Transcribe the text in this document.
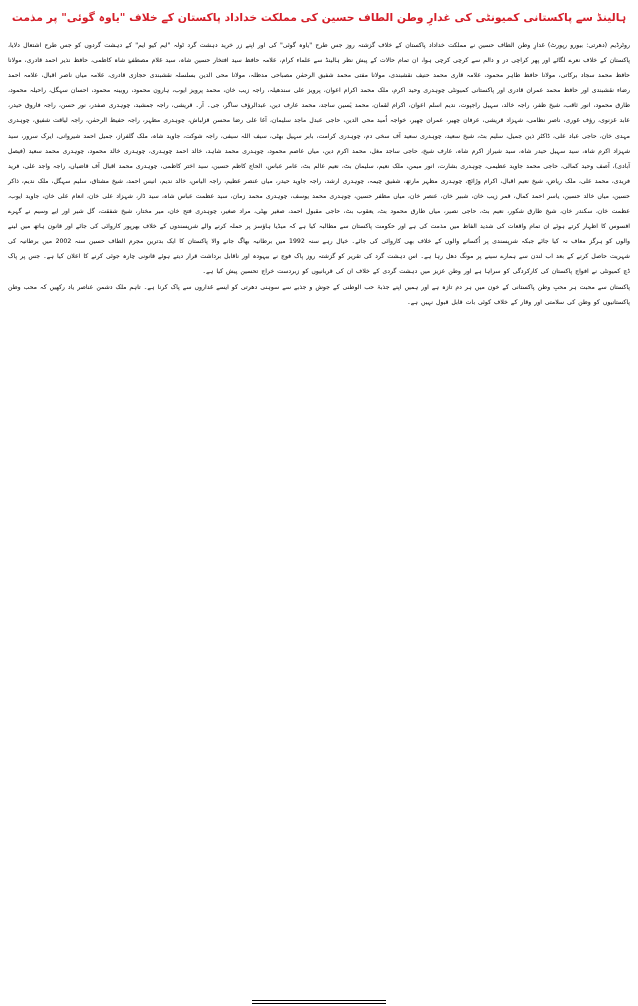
ہالینڈ سے پاکستانی کمیونٹی کی غدارِ وطن الطاف حسین کی مملکت خداداد پاکستان کے خلاف "یاوہ گوئی" پر مذمت

روٹرڈیم (دھرتی: بیورو رپورٹ) غدارِ وطن الطاف حسین نے مملکت خداداد پاکستان کے خلاف گزشتہ روز جس طرح "یاوہ گوئی" کی اور اپنے زر خرید دہشت گرد ٹولہ "ایم کیو ایم" کے دہشت گردوں کو جس طرح اشتعال دلایا، پاکستان کے خلاف نعرے لگائے اور پھر کراچی در و دالم سے کرچی کرچی ہوا، ان تمام حالات کے پیش نظر ہالینڈ سے علماء کرام، علامہ حافظ سید افتخار حسین شاہ، سید غلام مصطفےٰ شاہ کاظمی، حافظ نذیر احمد قادری، مولانا حافظ محمد سجاد برکاتی، مولانا حافظ طاہر محمود، علامہ قاری محمد حنیف نقشبندی، مولانا مفتی محمد شفیق الرحمٰن مصباحی مدظلہ، مولانا محی الدین بسلسلہ نقشبندی حجازی قادری، علامہ میاں ناصر اقبال، علامہ احمد رضاء نقشبندی اور حافظ محمد عمران قادری اور پاکستانی کمیونٹی چوہدری وحید اکرم، ملک محمد اکرام اعوان، پرویز علی سندھیلہ، راجہ زیب خان، محمد پرویز ایوب، ہارون محمود، روبینہ محمود، احسان سہگل، راحیلہ محمود، طارق محمود، انور ثاقب، شیخ ظفر، راجہ خالد، سہیل راجپوت، ندیم اسلم اعوان، اکرام لقمان، محمد یٰسین ساجد، محمد عارف دین، عبدالرؤف ساگر، جی۔ آر۔ قریشی، راجہ جمشید، چوہدری صفدر، نور حسن، راجہ فاروق حیدر، عابد غزنوی، رؤف غوری، ناصر نظامی، شہزاد قریشی، عرفان چھیر، عمران چھیر، خواجہ اُمید محی الدین، حاجی عبدل ماجد سلیمان، آغا علی رضا محسن قزلباش، چوہدری مظہر، راجہ حفیظ الرحمٰن، راجہ لیاقت شفیق، چوہدری مہدی خان، حاجی عباد علی، ڈاکٹر ذین جمیل، سلیم بٹ، شیخ سعید، چوہدری سعید آف سخی دم، چوہدری کرامت، بابر سہیل بھٹی، سیف اللہ سیفی، راجہ شوکت، جاوید شاہ، ملک گلفراز، جمیل احمد شیروانی، ایرک سرور، سید شہزاد اکرم شاہ، سید سہیل حیدر شاہ، سید شیراز اکرم شاہ، عارف شیخ، حاجی ساجد مغل، محمد اکرم دین، میاں عاصم محمود، چوہدری محمد شاہد، خالد احمد چوہدری، چوہدری خالد محمود، چوہدری محمد سعید (فیصل آبادی)، آصف وحید کمالی، حاجی محمد جاوید عظیمی، چوہدری بشارت، انور میمن، ملک نعیم، سلیمان بٹ، نعیم عالم بٹ، عامر عباس، الحاج کاظم حسین، سید اختر کاظمی، چوہدری محمد اقبال آف قاضیاں، راجہ واجد علی، فرید فریدی، محمد علی، ملک ریاض، شیخ نعیم اقبال، اکرام وڑائچ، چوہدری مظہر مارتھ، شفیق چیمہ، چوہدری ارشد، راجہ جاوید حیدر، میاں عنصر عظیم، راجہ الیاس، خالد ندیم، انیس احمد، شیخ مشتاق، سلیم سہگل، ملک ندیم، ذاکر حسین، میاں خالد حسین، یاسر احمد کمال، قمر زیب خان، شبیر خان، عنصر خان، میاں مظفر حسین، چوہدری محمد یوسف، چوہدری محمد زمان، سید عظمت عباس شاہ، سید ڈار، شہزاد علی خان، انعام علی خان، جاوید ایوب، عظمت خان، سکندر خان، شیخ طارق شکور، نعیم بٹ، حاجی نصیر، میاں طارق محمود بٹ، یعقوب بٹ، حاجی مقبول احمد، صغیر بھٹی، مراد صغیر، چوہدری فتح خان، میر مختار، شیخ شفقت، گل شیر اور ایے وسیم نے گہرے افسوس کا اظہار کرتے ہوئے ان تمام واقعات کی شدید الفاظ میں مذمت کی ہے اور حکومت پاکستان سے مطالبہ کیا ہے کہ میڈیا ہاؤسز پر حملہ کرنے والے شرپسندوں کے خلاف بھرپور کاروائی کی جائے اور قانون ہاتھ میں لینے والوں کو ہرگز معاف نہ کیا جائے جبکہ شرپسندی پر اُکسانے والوں کے خلاف بھی کاروائی کی جائے۔ خیال رہے سنہ 1992 میں برطانیہ بھاگ جانے والا پاکستان کا ایک بدترین مجرم الطاف حسین سنہ 2002 میں برطانیہ کی شہریت حاصل کرنے کے بعد اب لندن سے ہمارے سینے پر مونگ دھل رہا ہے۔ اس دہشت گرد کی تقریر کو گزشتہ روز پاک فوج نے بیہودہ اور ناقابل برداشت قرار دیتے ہوئے قانونی چارہ جوئی کرنے کا اعلان کیا ہے۔ جس پر پاک ڈچ کمیونٹی نے افواج پاکستان کی کارکردگی کو سراہا ہے اور وطن عزیز میں دہشت گردی کے خلاف ان کی قربانیوں کو زبردست خراج تحسین پیش کیا ہے۔

پاکستان سے محبت ہر محبِ وطن پاکستانی کے خون میں ہر دم تازہ ہے اور ہمیں اپنے جذبۂ حب الوطنی کے جوش و جذبے سے سوہنی دھرتی کو ایسے غداروں سے پاک کرنا ہے۔ تاہم ملک دشمن عناصر یاد رکھیں کہ محب وطن پاکستانیوں کو وطن کی سلامتی اور وقار کے خلاف کوئی بات قابل قبول نہیں ہے۔
